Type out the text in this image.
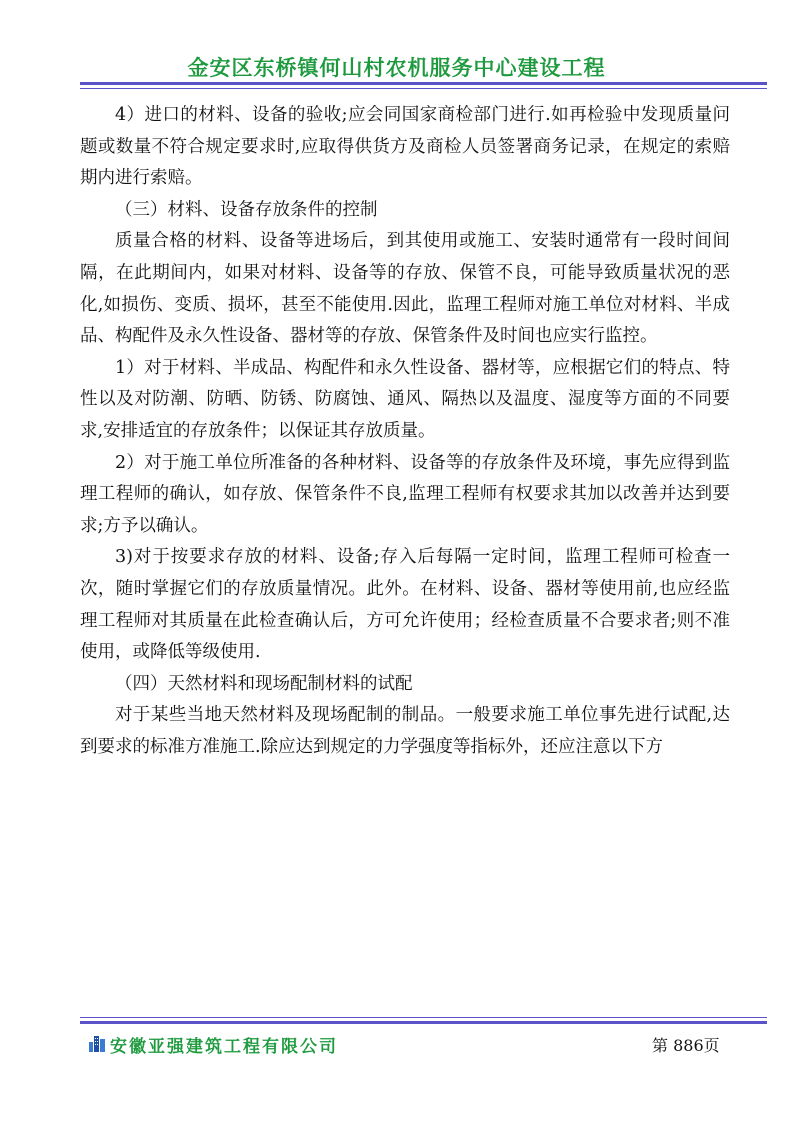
金安区东桥镇何山村农机服务中心建设工程

4）进口的材料、设备的验收;应会同国家商检部门进行.如再检验中发现质量问题或数量不符合规定要求时,应取得供货方及商检人员签署商务记录，在规定的索赔期内进行索赔。

（三）材料、设备存放条件的控制

质量合格的材料、设备等进场后，到其使用或施工、安装时通常有一段时间间隔，在此期间内，如果对材料、设备等的存放、保管不良，可能导致质量状况的恶化,如损伤、变质、损坏，甚至不能使用.因此，监理工程师对施工单位对材料、半成品、构配件及永久性设备、器材等的存放、保管条件及时间也应实行监控。

1）对于材料、半成品、构配件和永久性设备、器材等，应根据它们的特点、特性以及对防潮、防晒、防锈、防腐蚀、通风、隔热以及温度、湿度等方面的不同要求,安排适宜的存放条件；以保证其存放质量。

2）对于施工单位所准备的各种材料、设备等的存放条件及环境，事先应得到监理工程师的确认，如存放、保管条件不良,监理工程师有权要求其加以改善并达到要求;方予以确认。

3)对于按要求存放的材料、设备;存入后每隔一定时间，监理工程师可检查一次，随时掌握它们的存放质量情况。此外。在材料、设备、器材等使用前,也应经监理工程师对其质量在此检查确认后，方可允许使用；经检查质量不合要求者;则不准使用，或降低等级使用.

（四）天然材料和现场配制材料的试配

对于某些当地天然材料及现场配制的制品。一般要求施工单位事先进行试配,达到要求的标准方准施工.除应达到规定的力学强度等指标外，还应注意以下方

安徽亚强建筑工程有限公司	第 886页
